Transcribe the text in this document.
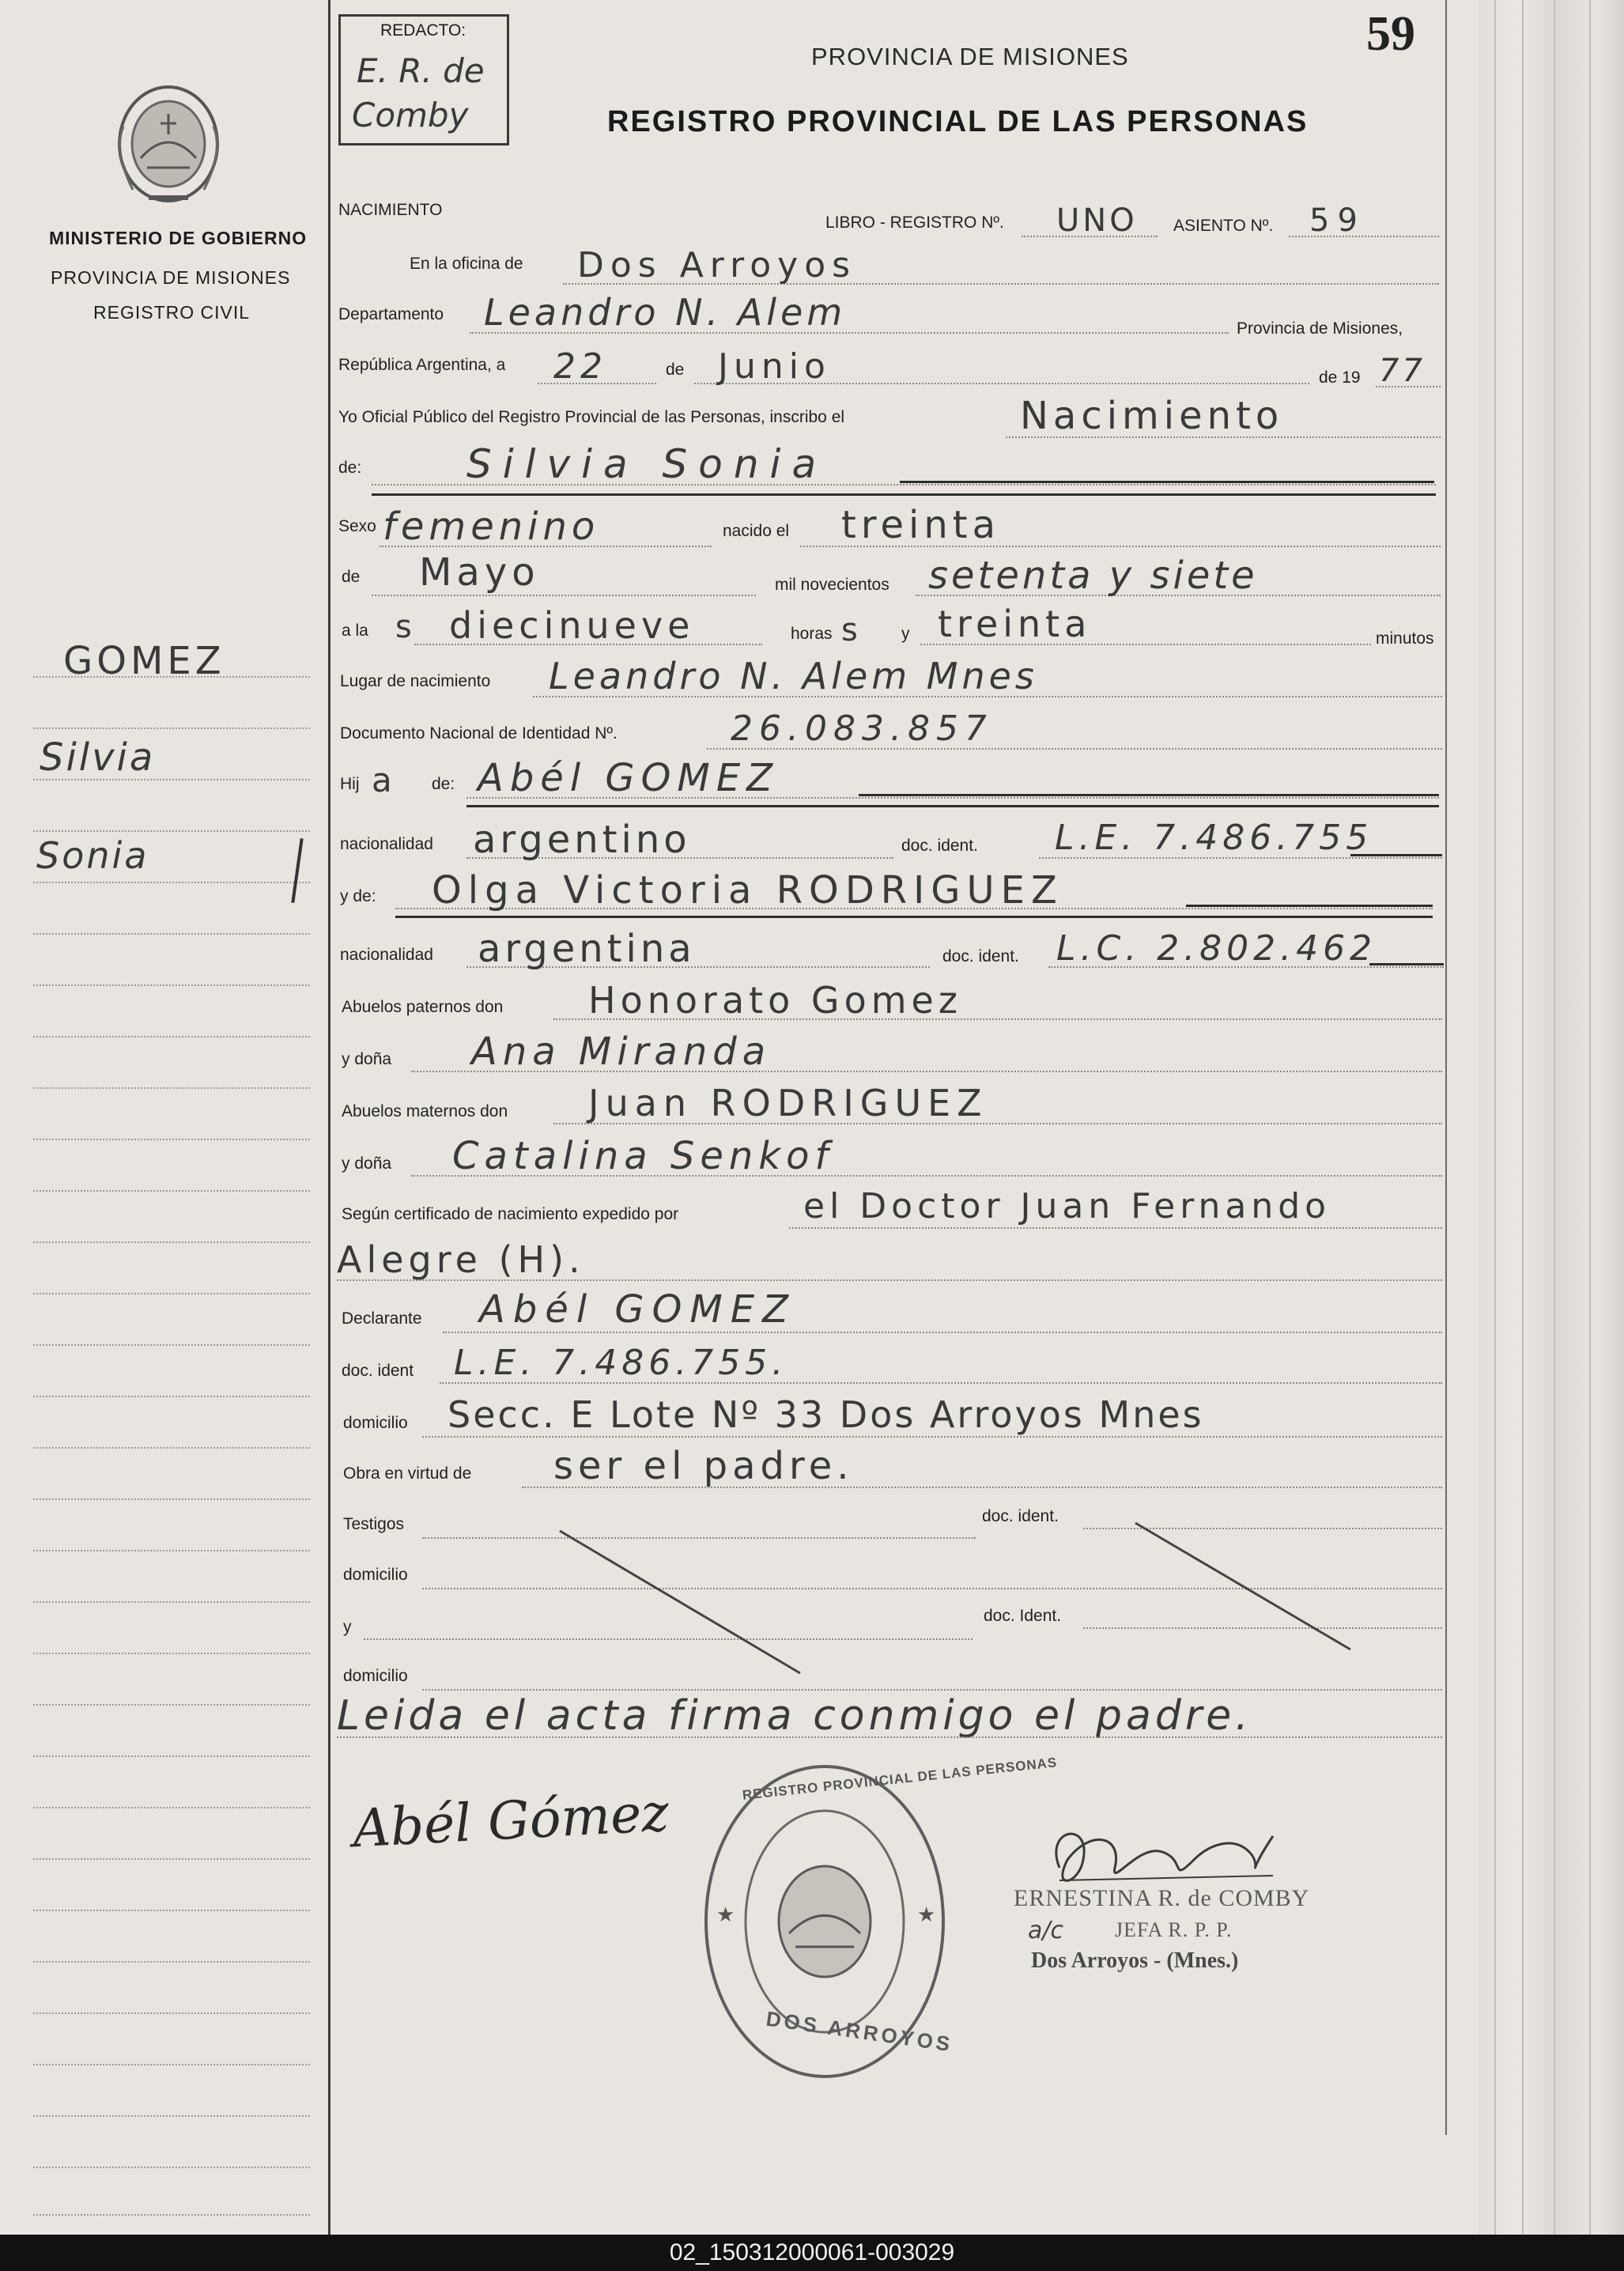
59
REDACTO:
E. R. de
Comby
PROVINCIA DE MISIONES
REGISTRO PROVINCIAL DE LAS PERSONAS
MINISTERIO DE GOBIERNO
PROVINCIA DE MISIONES
REGISTRO CIVIL
GOMEZ
Silvia
Sonia
NACIMIENTO
LIBRO - REGISTRO Nº. UNO ASIENTO Nº. 59
En la oficina de Dos Arroyos
Departamento Leandro N. Alem	Provincia de Misiones,
República Argentina, a 22	de Junio	de 19 77
Yo Oficial Público del Registro Provincial de las Personas, inscribo el	Nacimiento
de:	Silvia Sonia
Sexo femenino	nacido el treinta
de Mayo	mil novecientos setenta y siete
a la s diecinueve	horas s	y treinta	minutos
Lugar de nacimiento Leandro N. Alem Mnes
Documento Nacional de Identidad Nº.	26.083.857
Hij a de: Abél GOMEZ
nacionalidad argentino	doc. ident. L.E. 7.486.755
y de: Olga Victoria RODRIGUEZ
nacionalidad argentina	doc. ident. L.C. 2.802.462
Abuelos paternos don Honorato Gomez
y doña Ana Miranda
Abuelos maternos don Juan RODRIGUEZ
y doña Catalina Senkof
Según certificado de nacimiento expedido por	el Doctor Juan Fernando
Alegre (H).
Declarante Abél GOMEZ
doc. ident L.E. 7.486.755.
domicilio Secc. E Lote Nº 33 Dos Arroyos Mnes
Obra en virtud de ser el padre.
Testigos	doc. ident.
domicilio
y
doc. Ident.
domicilio
Leida el acta firma conmigo el padre.
Abél Gómez
★	★
REGISTRO PROVINCIAL DE LAS PERSONAS
DOS ARROYOS
ERNESTINA R. de COMBY
a/c	JEFA R. P. P.
Dos Arroyos - (Mnes.)
02_150312000061-003029
